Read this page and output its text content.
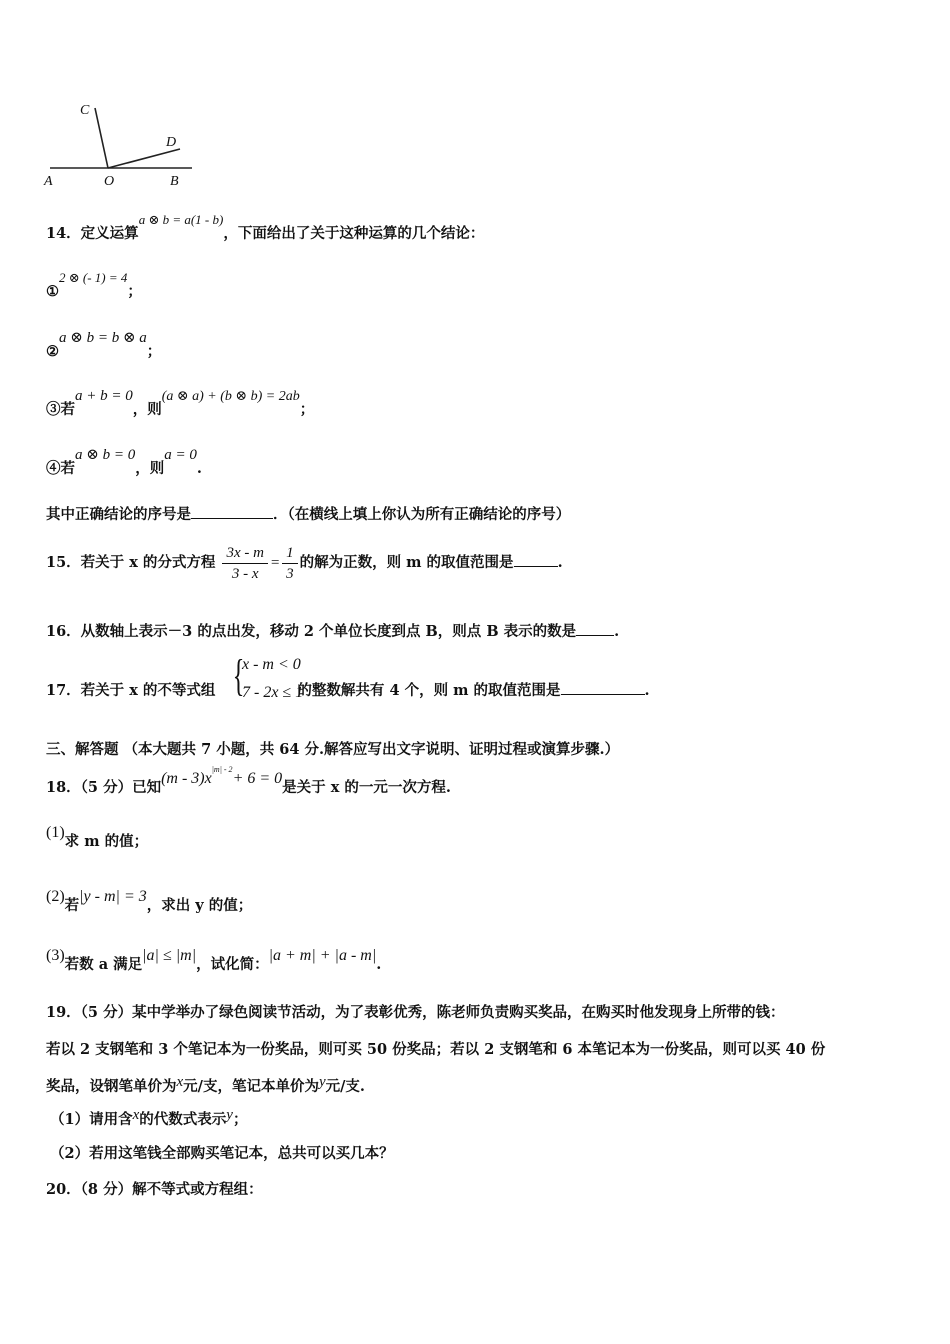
C
D
A	O	B
14．定义运算a ⊗ b = a(1 - b)，下面给出了关于这种运算的几个结论：
①2 ⊗ (- 1) = 4；
②a ⊗ b = b ⊗ a；
③若a + b = 0，则(a ⊗ a) + (b ⊗ b) = 2ab；
④若a ⊗ b = 0，则a = 0.
其中正确结论的序号是	．（在横线上填上你认为所有正确结论的序号）
15．若关于 x 的分式方程 $\frac{3x - m}{3 - x} = \frac{1}{3}$ 的解为正数，则 m 的取值范围是	.
16．从数轴上表示－3 的点出发，移动 2 个单位长度到点 B，则点 B 表示的数是	.
17．若关于 x 的不等式组	的整数解共有 4 个，则 m 的取值范围是	.
{
x - m < 0
7 - 2x ≤ 1
三、解答题 （本大题共 7 小题，共 64 分.解答应写出文字说明、证明过程或演算步骤.）
18．（5 分）已知$(m - 3)x^{|m| - 2}+ 6 = 0$是关于 x 的一元一次方程.
(1)求 m 的值；
(2)若|y - m| = 3，求出 y 的值；
(3)若数 a 满足|a| ≤ |m|，试化简：|a + m| + |a - m|.
19．（5 分）某中学举办了绿色阅读节活动，为了表彰优秀，陈老师负责购买奖品，在购买时他发现身上所带的钱：
若以 2 支钢笔和 3 个笔记本为一份奖品，则可买 50 份奖品；若以 2 支钢笔和 6 本笔记本为一份奖品，则可以买 40 份
奖品，设钢笔单价为x元/支，笔记本单价为y元/支.
（1）请用含x的代数式表示y；
（2）若用这笔钱全部购买笔记本，总共可以买几本？
20．（8 分）解不等式或方程组：
